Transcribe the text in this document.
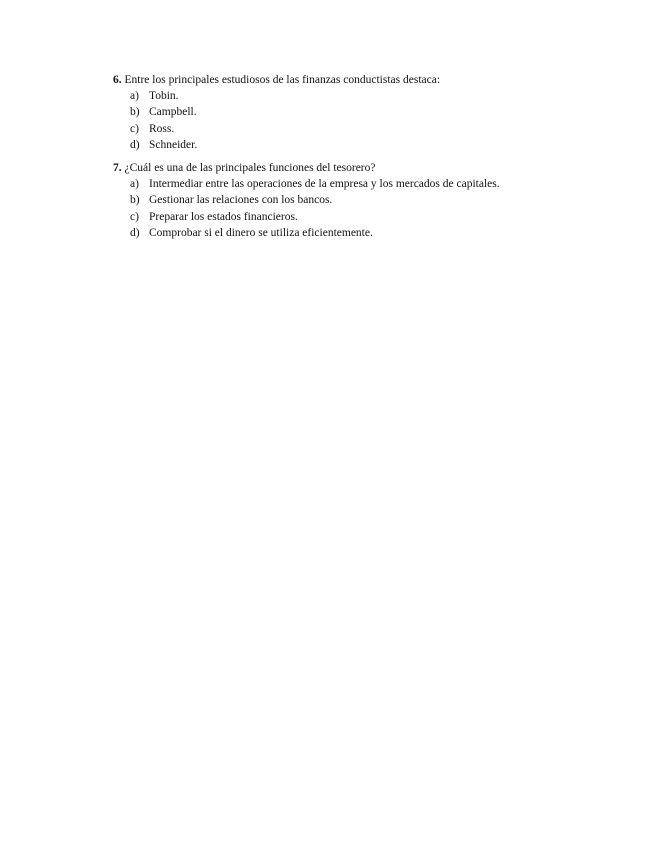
6. Entre los principales estudiosos de las finanzas conductistas destaca:
a) Tobin.
b) Campbell.
c) Ross.
d) Schneider.
7. ¿Cuál es una de las principales funciones del tesorero?
a) Intermediar entre las operaciones de la empresa y los mercados de capitales.
b) Gestionar las relaciones con los bancos.
c) Preparar los estados financieros.
d) Comprobar si el dinero se utiliza eficientemente.
